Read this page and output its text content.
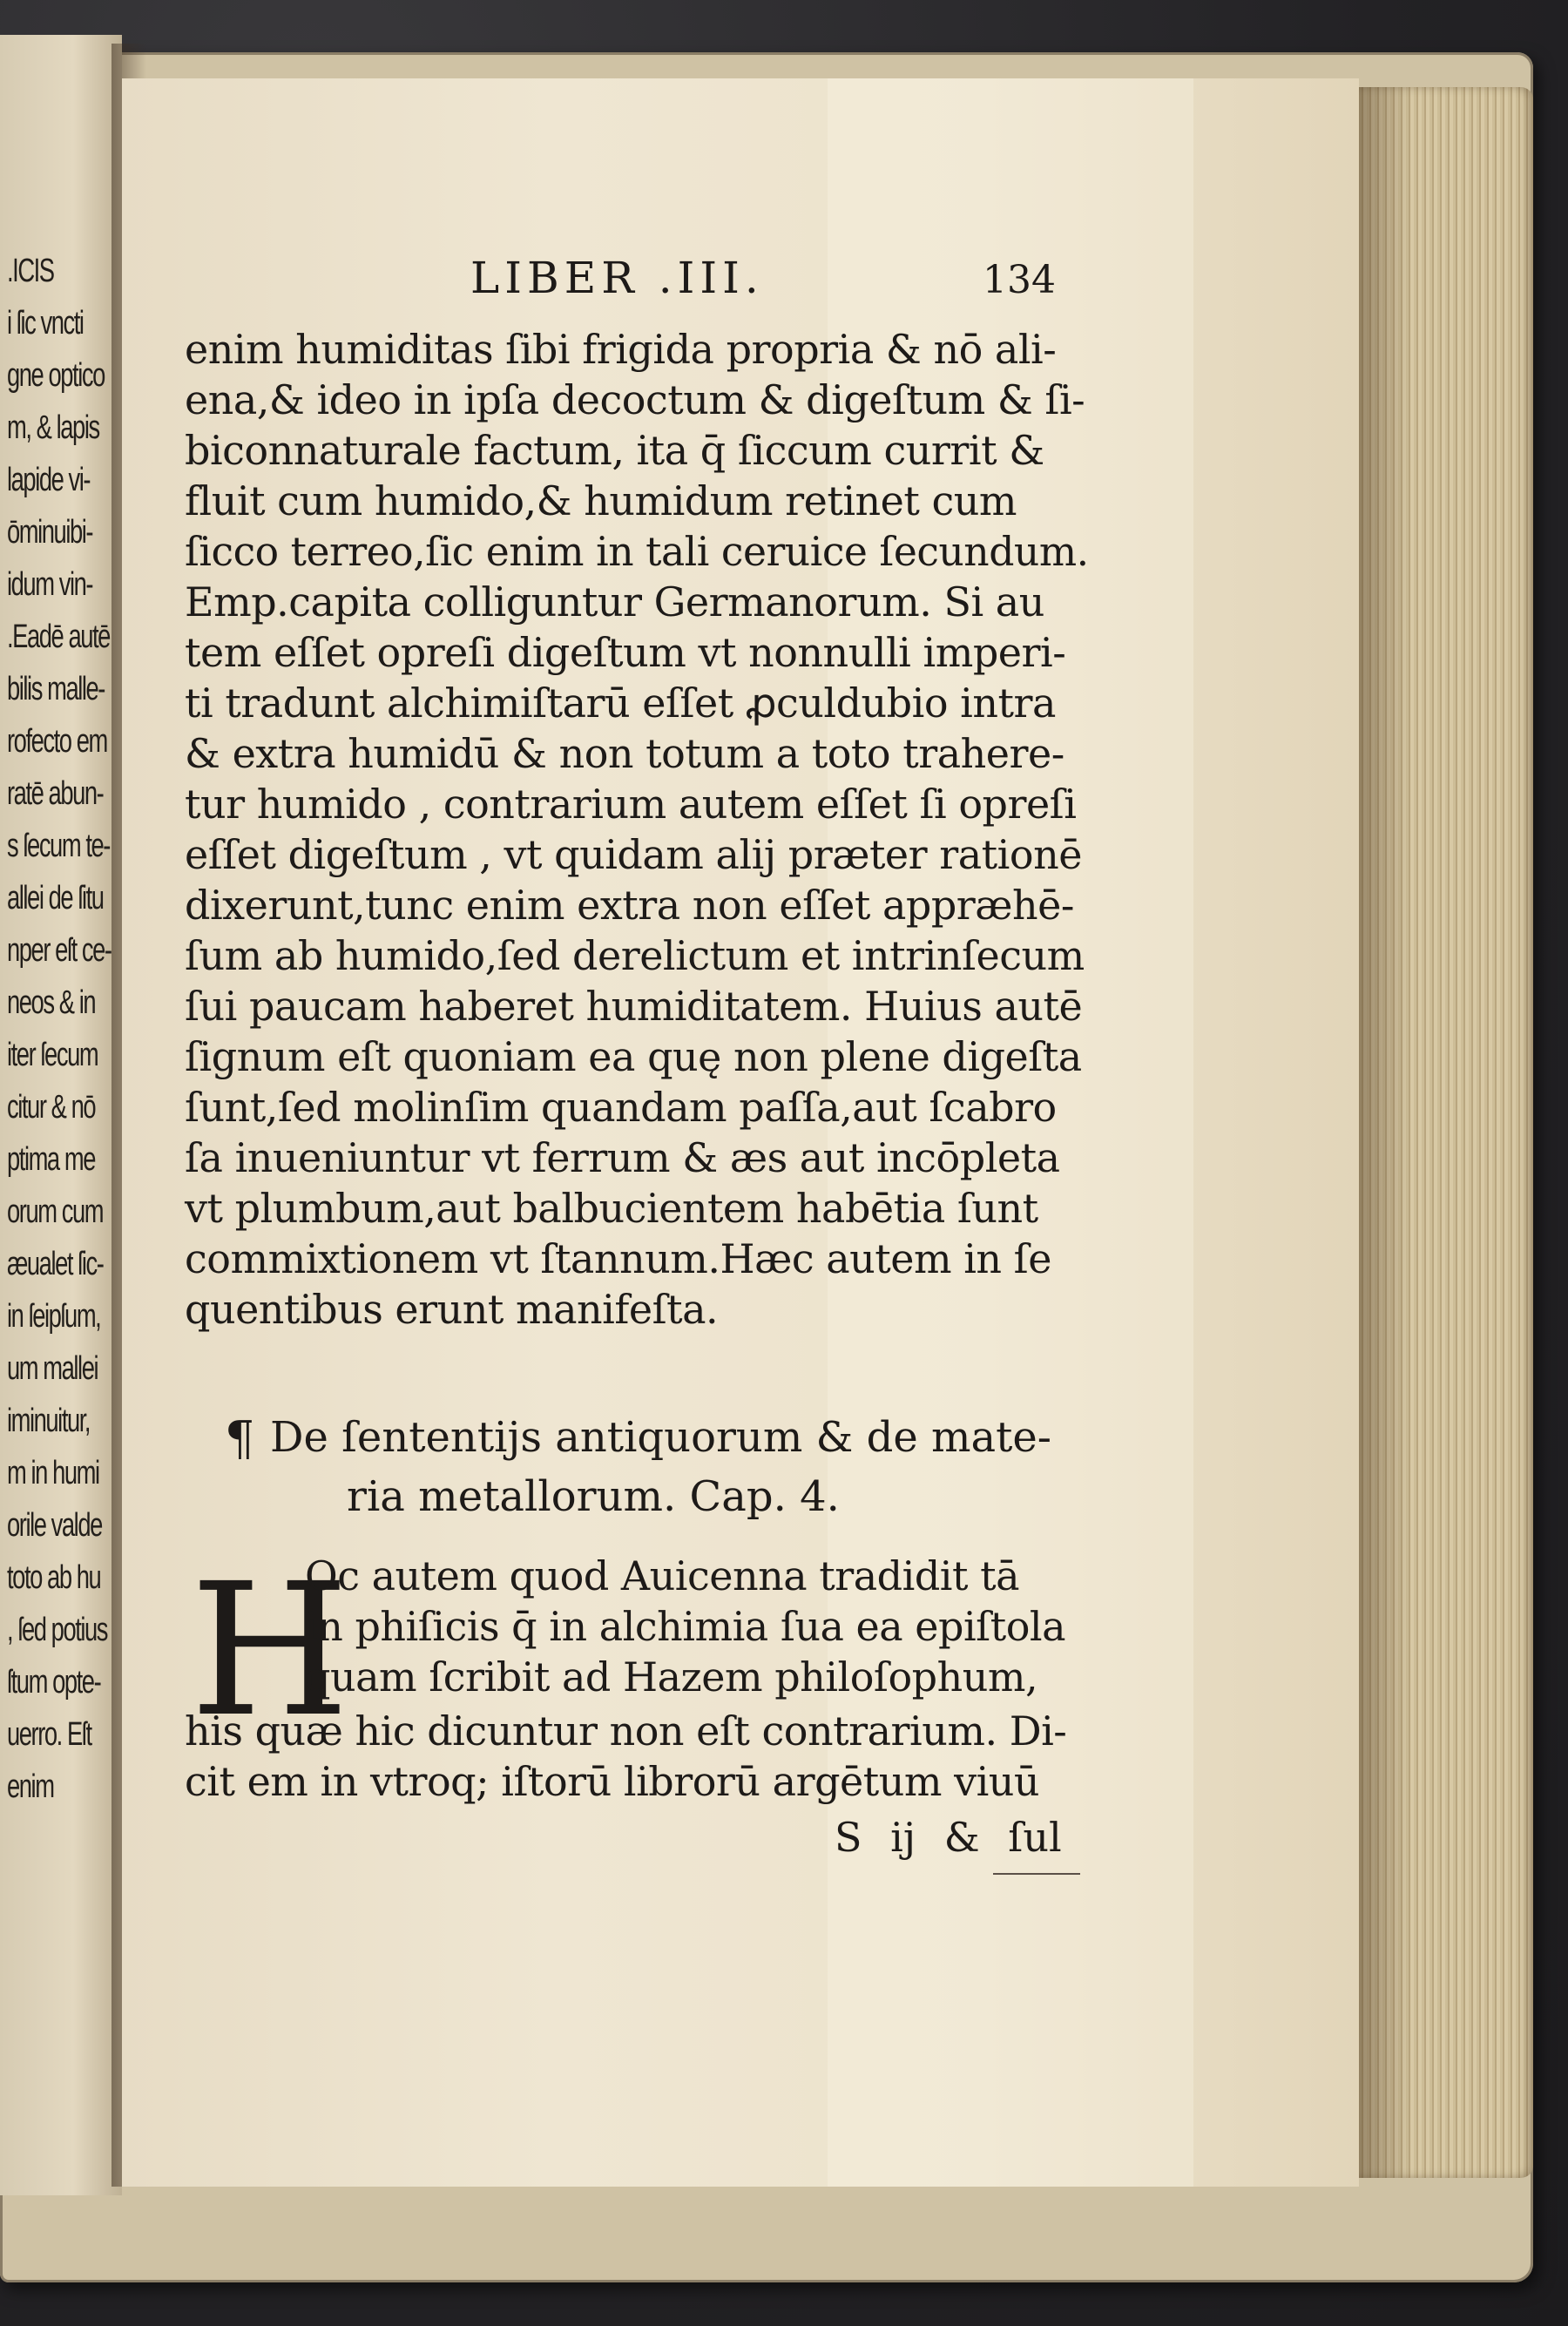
.ICIS
i ſic vncti
gne optico
m, & lapis
lapide vi-
ōminuibi-
idum vin-
.Eadē autē
bilis malle-
rofecto em
ratē abun-
s ſecum te-
allei de ſitu
nper eſt ce-
neos & in
iter ſecum
citur & nō
ptima me
orum cum
æualet ſic-
in ſeipſum,
um mallei
iminuitur,
m in humi
orile valde
toto ab hu
, ſed potius
ſtum opte-
uerro. Eſt
enim
LIBER .III.	134
enim humiditas ſibi frigida propria & nō ali-
ena,& ideo in ipſa decoctum & digeſtum & ſi-
biconnaturale factum, ita q̄ ſiccum currit &
fluit cum humido,& humidum retinet cum
ſicco terreo,ſic enim in tali ceruice ſecundum.
Emp.capita colliguntur Germanorum. Si au
tem eſſet opreſi digeſtum vt nonnulli imperi-
ti tradunt alchimiſtarū eſſet ꝓculdubio intra
& extra humidū & non totum a toto trahere-
tur humido , contrarium autem eſſet ſi opreſi
eſſet digeſtum , vt quidam alij præter rationē
dixerunt,tunc enim extra non eſſet appræhē-
ſum ab humido,ſed derelictum et intrinſecum
ſui paucam haberet humiditatem. Huius autē
ſignum eſt quoniam ea quę non plene digeſta
ſunt,ſed molinſim quandam paſſa,aut ſcabro
ſa inueniuntur vt ferrum & æs aut incōpleta
vt plumbum,aut balbucientem habētia ſunt
commixtionem vt ſtannum.Hæc autem in ſe
quentibus erunt manifeſta.
¶ De ſententijs antiquorum & de mate-
ria metallorum. Cap. 4.
H
Oc autem quod Auicenna tradidit tā
in phiſicis q̄ in alchimia ſua ea epiſtola
quam ſcribit ad Hazem philoſophum,
his quæ hic dicuntur non eſt contrarium. Di-
cit em in vtroq; iſtorū librorū argētum viuū
S ij & ſul
